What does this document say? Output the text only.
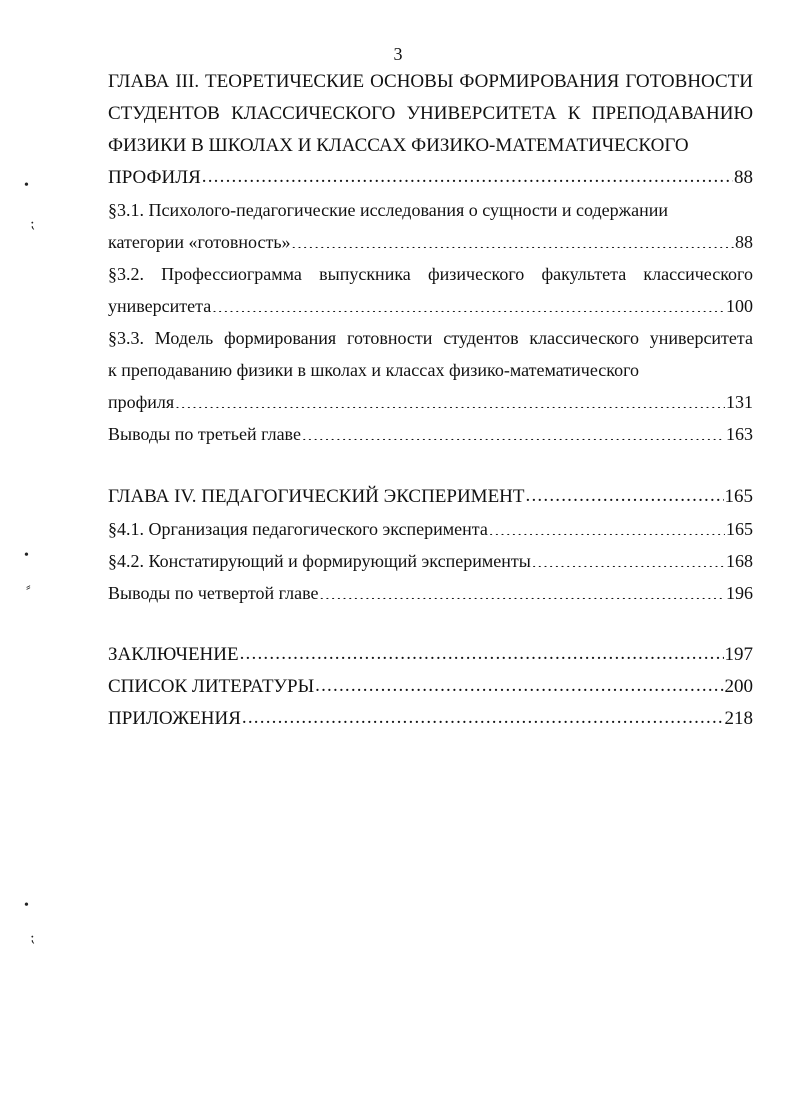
3
ГЛАВА III. ТЕОРЕТИЧЕСКИЕ ОСНОВЫ ФОРМИРОВАНИЯ ГОТОВНОСТИ
СТУДЕНТОВ КЛАССИЧЕСКОГО УНИВЕРСИТЕТА К ПРЕПОДАВАНИЮ
ФИЗИКИ В ШКОЛАХ И КЛАССАХ ФИЗИКО-МАТЕМАТИЧЕСКОГО
ПРОФИЛЯ .....	88
§3.1. Психолого-педагогические исследования о сущности и содержании
категории «готовность» .....	88
§3.2. Профессиограмма выпускника физического факультета классического
университета .....	100
§3.3. Модель формирования готовности студентов классического университета
к преподаванию физики в школах и классах физико-математического
профиля .....	131
Выводы по третьей главе .....	163
ГЛАВА IV. ПЕДАГОГИЧЕСКИЙ ЭКСПЕРИМЕНТ .....	165
§4.1. Организация педагогического эксперимента .....	165
§4.2. Констатирующий и формирующий эксперименты .....	168
Выводы по четвертой главе .....	196
ЗАКЛЮЧЕНИЕ .....	197
СПИСОК ЛИТЕРАТУРЫ .....	200
ПРИЛОЖЕНИЯ .....	218
•
⁏
•
⸗
•
⁏
